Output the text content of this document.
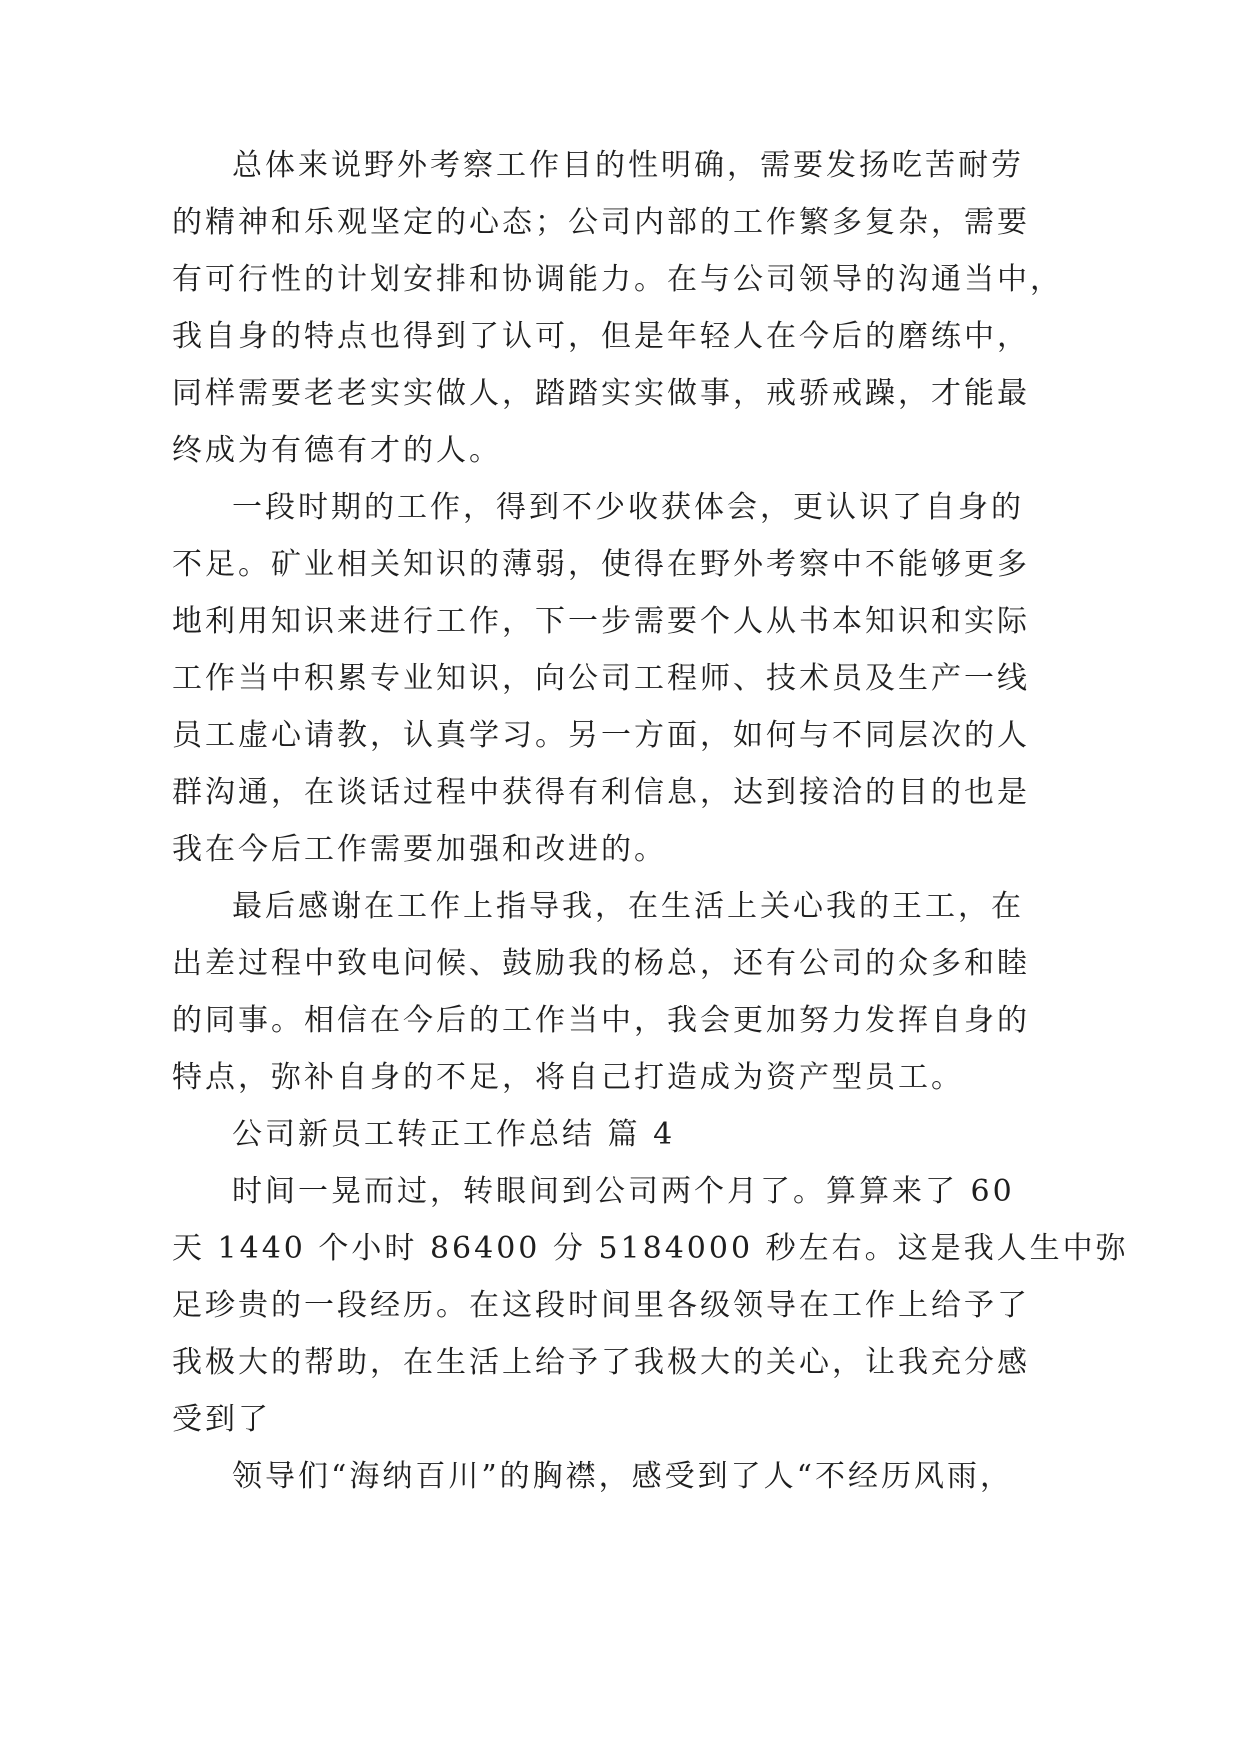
总体来说野外考察工作目的性明确，需要发扬吃苦耐劳
的精神和乐观坚定的心态；公司内部的工作繁多复杂，需要
有可行性的计划安排和协调能力。在与公司领导的沟通当中，
我自身的特点也得到了认可，但是年轻人在今后的磨练中，
同样需要老老实实做人，踏踏实实做事，戒骄戒躁，才能最
终成为有德有才的人。
一段时期的工作，得到不少收获体会，更认识了自身的
不足。矿业相关知识的薄弱，使得在野外考察中不能够更多
地利用知识来进行工作，下一步需要个人从书本知识和实际
工作当中积累专业知识，向公司工程师、技术员及生产一线
员工虚心请教，认真学习。另一方面，如何与不同层次的人
群沟通，在谈话过程中获得有利信息，达到接洽的目的也是
我在今后工作需要加强和改进的。
最后感谢在工作上指导我，在生活上关心我的王工，在
出差过程中致电问候、鼓励我的杨总，还有公司的众多和睦
的同事。相信在今后的工作当中，我会更加努力发挥自身的
特点，弥补自身的不足，将自己打造成为资产型员工。
公司新员工转正工作总结 篇 4
时间一晃而过，转眼间到公司两个月了。算算来了 60
天 1440 个小时 86400 分 5184000 秒左右。这是我人生中弥
足珍贵的一段经历。在这段时间里各级领导在工作上给予了
我极大的帮助，在生活上给予了我极大的关心，让我充分感
受到了
领导们“海纳百川”的胸襟，感受到了人“不经历风雨，
